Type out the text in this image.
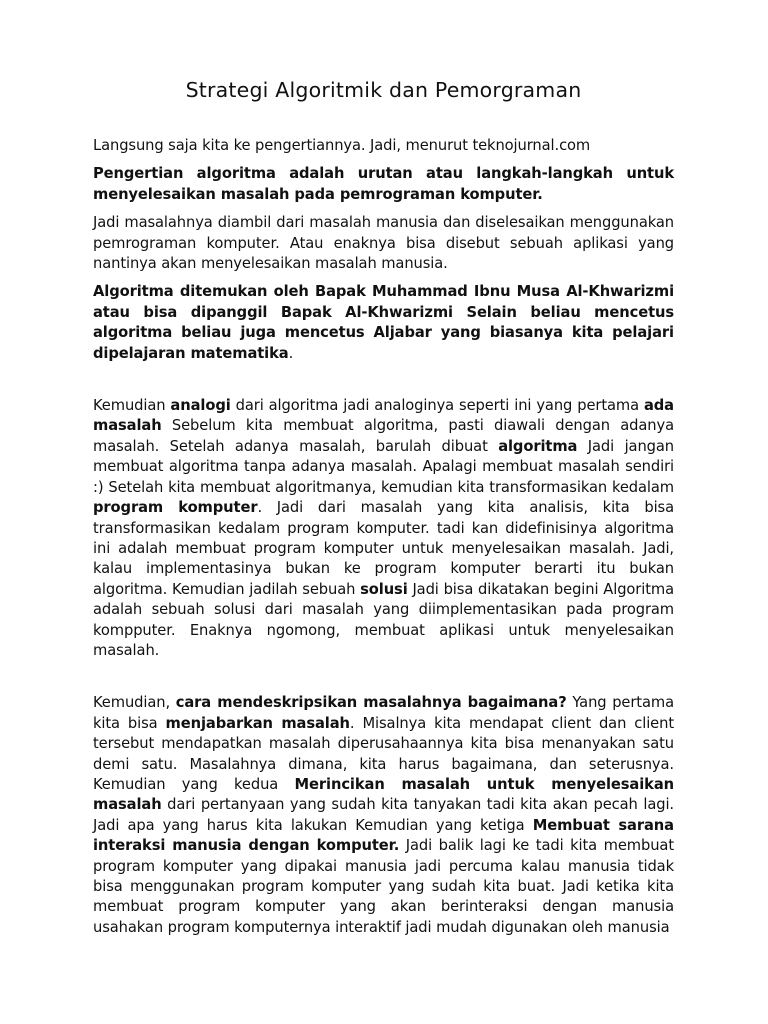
Strategi Algoritmik dan Pemorgraman

Langsung saja kita ke pengertiannya. Jadi, menurut teknojurnal.com

Pengertian algoritma adalah urutan atau langkah-langkah untuk menyelesaikan masalah pada pemrograman komputer.

Jadi masalahnya diambil dari masalah manusia dan diselesaikan menggunakan pemrograman komputer. Atau enaknya bisa disebut sebuah aplikasi yang nantinya akan menyelesaikan masalah manusia.

Algoritma ditemukan oleh Bapak Muhammad Ibnu Musa Al-Khwarizmi atau bisa dipanggil Bapak Al-Khwarizmi Selain beliau mencetus algoritma beliau juga mencetus Aljabar yang biasanya kita pelajari dipelajaran matematika.

Kemudian analogi dari algoritma jadi analoginya seperti ini yang pertama ada masalah Sebelum kita membuat algoritma, pasti diawali dengan adanya masalah. Setelah adanya masalah, barulah dibuat algoritma Jadi jangan membuat algoritma tanpa adanya masalah. Apalagi membuat masalah sendiri :) Setelah kita membuat algoritmanya, kemudian kita transformasikan kedalam program komputer. Jadi dari masalah yang kita analisis, kita bisa transformasikan kedalam program komputer. tadi kan didefinisinya algoritma ini adalah membuat program komputer untuk menyelesaikan masalah. Jadi, kalau implementasinya bukan ke program komputer berarti itu bukan algoritma. Kemudian jadilah sebuah solusi Jadi bisa dikatakan begini Algoritma adalah sebuah solusi dari masalah yang diimplementasikan pada program kompputer. Enaknya ngomong, membuat aplikasi untuk menyelesaikan masalah.

Kemudian, cara mendeskripsikan masalahnya bagaimana? Yang pertama kita bisa menjabarkan masalah. Misalnya kita mendapat client dan client tersebut mendapatkan masalah diperusahaannya kita bisa menanyakan satu demi satu. Masalahnya dimana, kita harus bagaimana, dan seterusnya. Kemudian yang kedua Merincikan masalah untuk menyelesaikan masalah dari pertanyaan yang sudah kita tanyakan tadi kita akan pecah lagi. Jadi apa yang harus kita lakukan Kemudian yang ketiga Membuat sarana interaksi manusia dengan komputer. Jadi balik lagi ke tadi kita membuat program komputer yang dipakai manusia jadi percuma kalau manusia tidak bisa menggunakan program komputer yang sudah kita buat. Jadi ketika kita membuat program komputer yang akan berinteraksi dengan manusia usahakan program komputernya interaktif jadi mudah digunakan oleh manusia
